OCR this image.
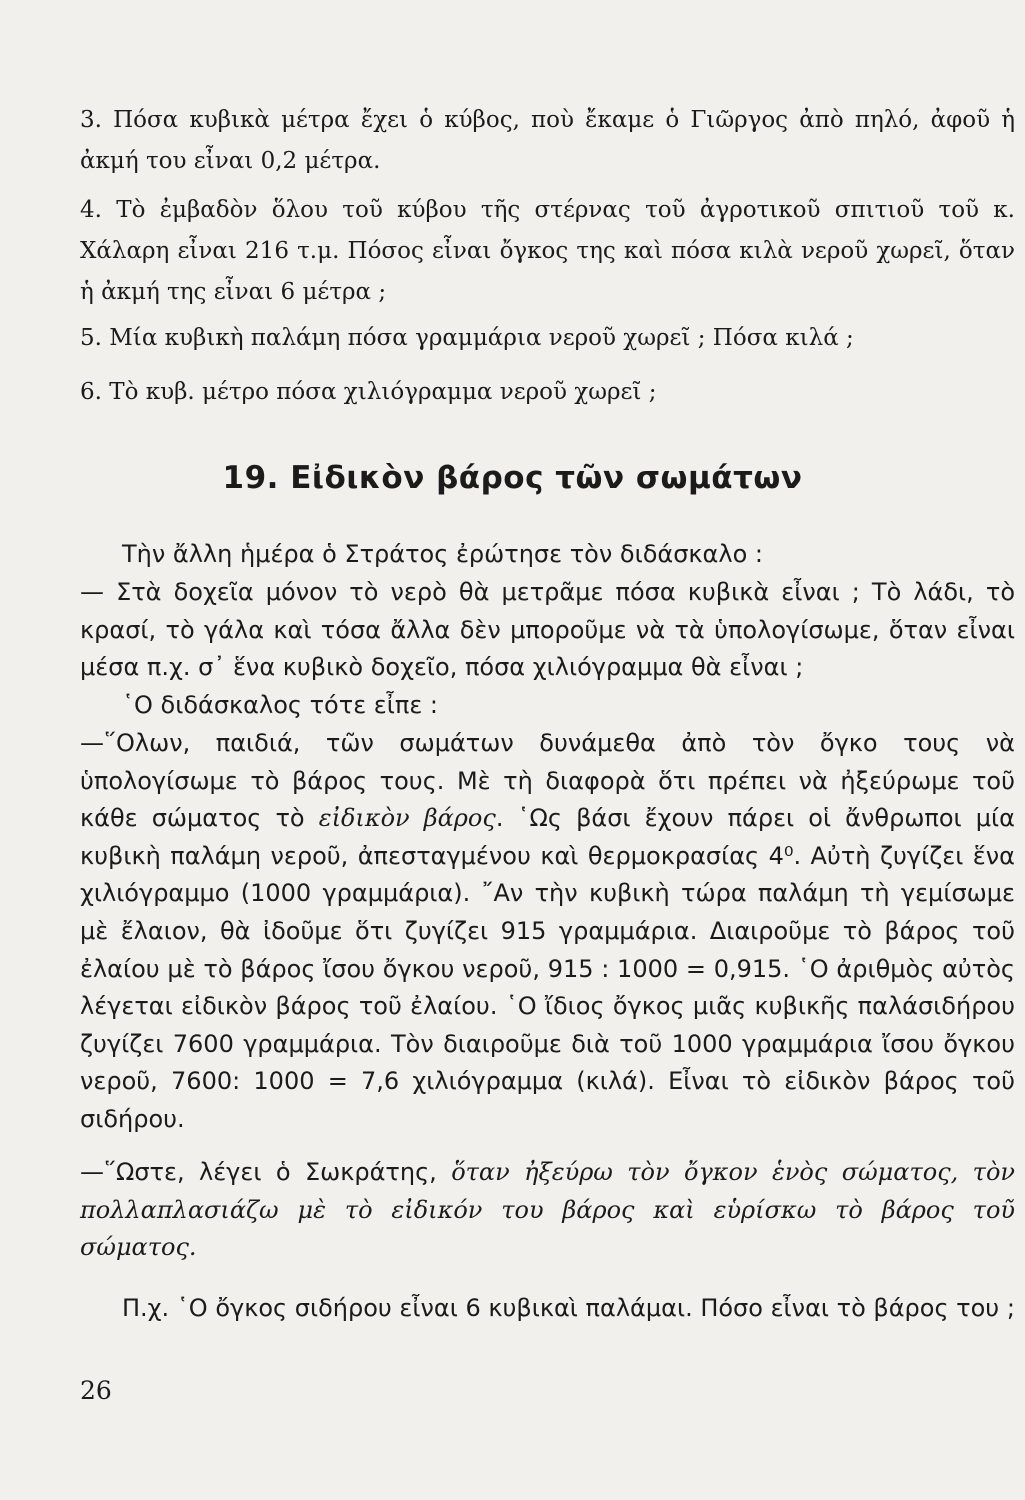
3. Πόσα κυβικὰ μέτρα ἔχει ὁ κύβος, ποὺ ἔκαμε ὁ Γιῶργος ἀπὸ πηλό, ἀφοῦ ἡ ἀκμή του εἶναι 0,2 μέτρα.

4. Τὸ ἐμβαδὸν ὅλου τοῦ κύβου τῆς στέρνας τοῦ ἀγροτικοῦ σπιτιοῦ τοῦ κ. Χάλαρη εἶναι 216 τ.μ. Πόσος εἶναι ὄγκος της καὶ πόσα κιλὰ νεροῦ χωρεῖ, ὅταν ἡ ἀκμή της εἶναι 6 μέτρα ;

5. Μία κυβικὴ παλάμη πόσα γραμμάρια νεροῦ χωρεῖ ; Πόσα κιλά ;

6. Τὸ κυβ. μέτρο πόσα χιλιόγραμμα νεροῦ χωρεῖ ;

19. Εἰδικὸν βάρος τῶν σωμάτων

Τὴν ἄλλη ἡμέρα ὁ Στράτος ἐρώτησε τὸν διδάσκαλο :

— Στὰ δοχεῖα μόνον τὸ νερὸ θὰ μετρᾶμε πόσα κυβικὰ εἶναι ; Τὸ λάδι, τὸ κρασί, τὸ γάλα καὶ τόσα ἄλλα δὲν μποροῦμε νὰ τὰ ὑπολογίσωμε, ὅταν εἶναι μέσα π.χ. σ᾽ ἕνα κυβικὸ δοχεῖο, πόσα χιλιόγραμμα θὰ εἶναι ;

῾Ο διδάσκαλος τότε εἶπε :

—῞Ολων, παιδιά, τῶν σωμάτων δυνάμεθα ἀπὸ τὸν ὄγκο τους νὰ ὑπολογίσωμε τὸ βάρος τους. Μὲ τὴ διαφορὰ ὅτι πρέπει νὰ ἠξεύρωμε τοῦ κάθε σώματος τὸ εἰδικὸν βάρος. ῾Ως βάσι ἔχουν πάρει οἱ ἄνθρωποι μία κυβικὴ παλάμη νεροῦ, ἀπεσταγμένου καὶ θερμοκρασίας 4⁰. Αὐτὴ ζυγίζει ἕνα χιλιόγραμμο (1000 γραμμάρια). ῎Αν τὴν κυβικὴ τώρα παλάμη τὴ γεμίσωμε μὲ ἔλαιον, θὰ ἰδοῦμε ὅτι ζυγίζει 915 γραμμάρια. Διαιροῦμε τὸ βάρος τοῦ ἐλαίου μὲ τὸ βάρος ἴσου ὄγκου νεροῦ, 915 : 1000 = 0,915. ῾Ο ἀριθμὸς αὐτὸς λέγεται εἰδικὸν βάρος τοῦ ἐλαίου. ῾Ο ἴδιος ὄγκος μιᾶς κυβικῆς παλάσιδήρου ζυγίζει 7600 γραμμάρια. Τὸν διαιροῦμε διὰ τοῦ 1000 γραμμάρια ἴσου ὄγκου νεροῦ, 7600: 1000 = 7,6 χιλιόγραμμα (κιλά). Εἶναι τὸ εἰδικὸν βάρος τοῦ σιδήρου.

—῞Ωστε, λέγει ὁ Σωκράτης, ὅταν ἠξεύρω τὸν ὄγκον ἑνὸς σώματος, τὸν πολλαπλασιάζω μὲ τὸ εἰδικόν του βάρος καὶ εὑρίσκω τὸ βάρος τοῦ σώματος.

Π.χ. ῾Ο ὄγκος σιδήρου εἶναι 6 κυβικαὶ παλάμαι. Πόσο εἶναι τὸ βάρος του ;

26
